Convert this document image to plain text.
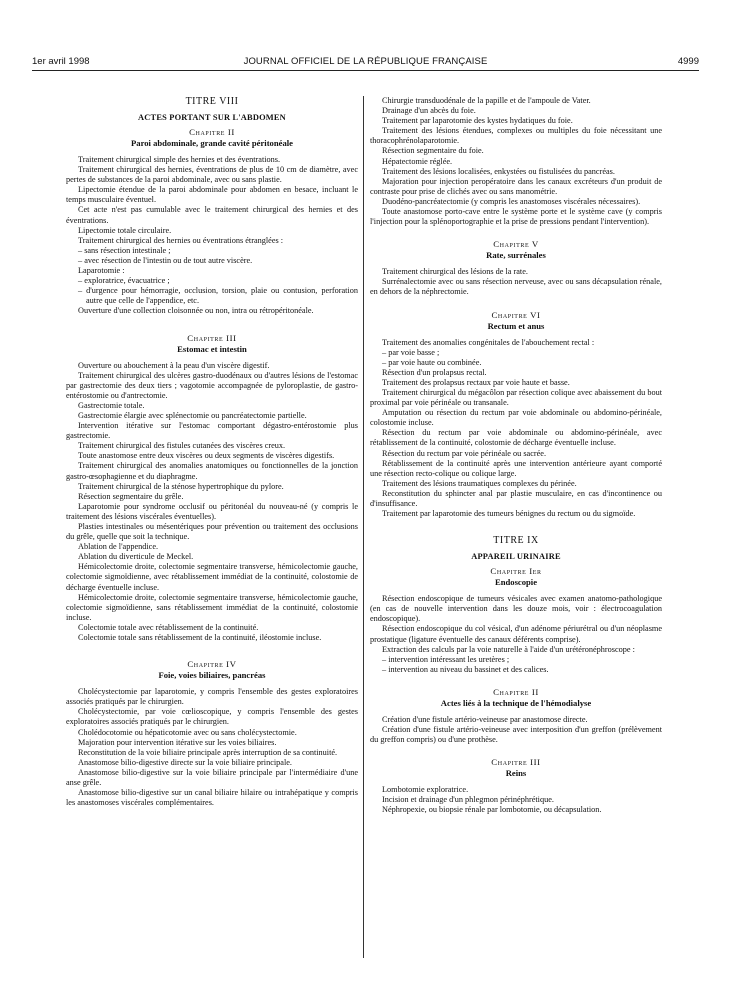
1er avril 1998	JOURNAL OFFICIEL DE LA RÉPUBLIQUE FRANÇAISE	4999
TITRE VIII
ACTES PORTANT SUR L'ABDOMEN
Chapitre II
Paroi abdominale, grande cavité péritonéale
Traitement chirurgical simple des hernies et des éventrations.
Traitement chirurgical des hernies, éventrations de plus de 10 cm de diamètre, avec pertes de substances de la paroi abdominale, avec ou sans plastie.
Lipectomie étendue de la paroi abdominale pour abdomen en besace, incluant le temps musculaire éventuel.
Cet acte n'est pas cumulable avec le traitement chirurgical des hernies et des éventrations.
Lipectomie totale circulaire.
Traitement chirurgical des hernies ou éventrations étranglées :
– sans résection intestinale ;
– avec résection de l'intestin ou de tout autre viscère.
Laparotomie :
– exploratrice, évacuatrice ;
– d'urgence pour hémorragie, occlusion, torsion, plaie ou contusion, perforation autre que celle de l'appendice, etc.
Ouverture d'une collection cloisonnée ou non, intra ou rétropéritonéale.
Chapitre III
Estomac et intestin
Ouverture ou abouchement à la peau d'un viscère digestif.
Traitement chirurgical des ulcères gastro-duodénaux ou d'autres lésions de l'estomac par gastrectomie des deux tiers ; vagotomie accompagnée de pyloroplastie, de gastro-entérostomie ou d'antrectomie.
Gastrectomie totale.
Gastrectomie élargie avec splénectomie ou pancréatectomie partielle.
Intervention itérative sur l'estomac comportant dégastro-entérostomie plus gastrectomie.
Traitement chirurgical des fistules cutanées des viscères creux.
Toute anastomose entre deux viscères ou deux segments de viscères digestifs.
Traitement chirurgical des anomalies anatomiques ou fonctionnelles de la jonction gastro-œsophagienne et du diaphragme.
Traitement chirurgical de la sténose hypertrophique du pylore.
Résection segmentaire du grêle.
Laparotomie pour syndrome occlusif ou péritonéal du nouveau-né (y compris le traitement des lésions viscérales éventuelles).
Plasties intestinales ou mésentériques pour prévention ou traitement des occlusions du grêle, quelle que soit la technique.
Ablation de l'appendice.
Ablation du diverticule de Meckel.
Hémicolectomie droite, colectomie segmentaire transverse, hémicolectomie gauche, colectomie sigmoïdienne, avec rétablissement immédiat de la continuité, colostomie de décharge éventuelle incluse.
Hémicolectomie droite, colectomie segmentaire transverse, hémicolectomie gauche, colectomie sigmoïdienne, sans rétablissement immédiat de la continuité, colostomie incluse.
Colectomie totale avec rétablissement de la continuité.
Colectomie totale sans rétablissement de la continuité, iléostomie incluse.
Chapitre IV
Foie, voies biliaires, pancréas
Cholécystectomie par laparotomie, y compris l'ensemble des gestes exploratoires associés pratiqués par le chirurgien.
Cholécystectomie, par voie cœlioscopique, y compris l'ensemble des gestes exploratoires associés pratiqués par le chirurgien.
Cholédocotomie ou hépaticotomie avec ou sans cholécystectomie.
Majoration pour intervention itérative sur les voies biliaires.
Reconstitution de la voie biliaire principale après interruption de sa continuité.
Anastomose bilio-digestive directe sur la voie biliaire principale.
Anastomose bilio-digestive sur la voie biliaire principale par l'intermédiaire d'une anse grêle.
Anastomose bilio-digestive sur un canal biliaire hilaire ou intrahépatique y compris les anastomoses viscérales complémentaires.
Chirurgie transduodénale de la papille et de l'ampoule de Vater.
Drainage d'un abcès du foie.
Traitement par laparotomie des kystes hydatiques du foie.
Traitement des lésions étendues, complexes ou multiples du foie nécessitant une thoracophrénolaparotomie.
Résection segmentaire du foie.
Hépatectomie réglée.
Traitement des lésions localisées, enkystées ou fistulisées du pancréas.
Majoration pour injection peropératoire dans les canaux excréteurs d'un produit de contraste pour prise de clichés avec ou sans manométrie.
Duodéno-pancréatectomie (y compris les anastomoses viscérales nécessaires).
Toute anastomose porto-cave entre le système porte et le système cave (y compris l'injection pour la splénoportographie et la prise de pressions pendant l'intervention).
Chapitre V
Rate, surrénales
Traitement chirurgical des lésions de la rate.
Surrénalectomie avec ou sans résection nerveuse, avec ou sans décapsulation rénale, en dehors de la néphrectomie.
Chapitre VI
Rectum et anus
Traitement des anomalies congénitales de l'abouchement rectal :
– par voie basse ;
– par voie haute ou combinée.
Résection d'un prolapsus rectal.
Traitement des prolapsus rectaux par voie haute et basse.
Traitement chirurgical du mégacôlon par résection colique avec abaissement du bout proximal par voie périnéale ou transanale.
Amputation ou résection du rectum par voie abdominale ou abdomino-périnéale, colostomie incluse.
Résection du rectum par voie abdominale ou abdomino-périnéale, avec rétablissement de la continuité, colostomie de décharge éventuelle incluse.
Résection du rectum par voie périnéale ou sacrée.
Rétablissement de la continuité après une intervention antérieure ayant comporté une résection recto-colique ou colique large.
Traitement des lésions traumatiques complexes du périnée.
Reconstitution du sphincter anal par plastie musculaire, en cas d'incontinence ou d'insuffisance.
Traitement par laparotomie des tumeurs bénignes du rectum ou du sigmoïde.
TITRE IX
APPAREIL URINAIRE
Chapitre Ier
Endoscopie
Résection endoscopique de tumeurs vésicales avec examen anatomo-pathologique (en cas de nouvelle intervention dans les douze mois, voir : électrocoagulation endoscopique).
Résection endoscopique du col vésical, d'un adénome périurétral ou d'un néoplasme prostatique (ligature éventuelle des canaux déférents comprise).
Extraction des calculs par la voie naturelle à l'aide d'un urétéronéphroscope :
– intervention intéressant les uretères ;
– intervention au niveau du bassinet et des calices.
Chapitre II
Actes liés à la technique de l'hémodialyse
Création d'une fistule artério-veineuse par anastomose directe.
Création d'une fistule artério-veineuse avec interposition d'un greffon (prélèvement du greffon compris) ou d'une prothèse.
Chapitre III
Reins
Lombotomie exploratrice.
Incision et drainage d'un phlegmon périnéphrétique.
Néphropexie, ou biopsie rénale par lombotomie, ou décapsulation.
